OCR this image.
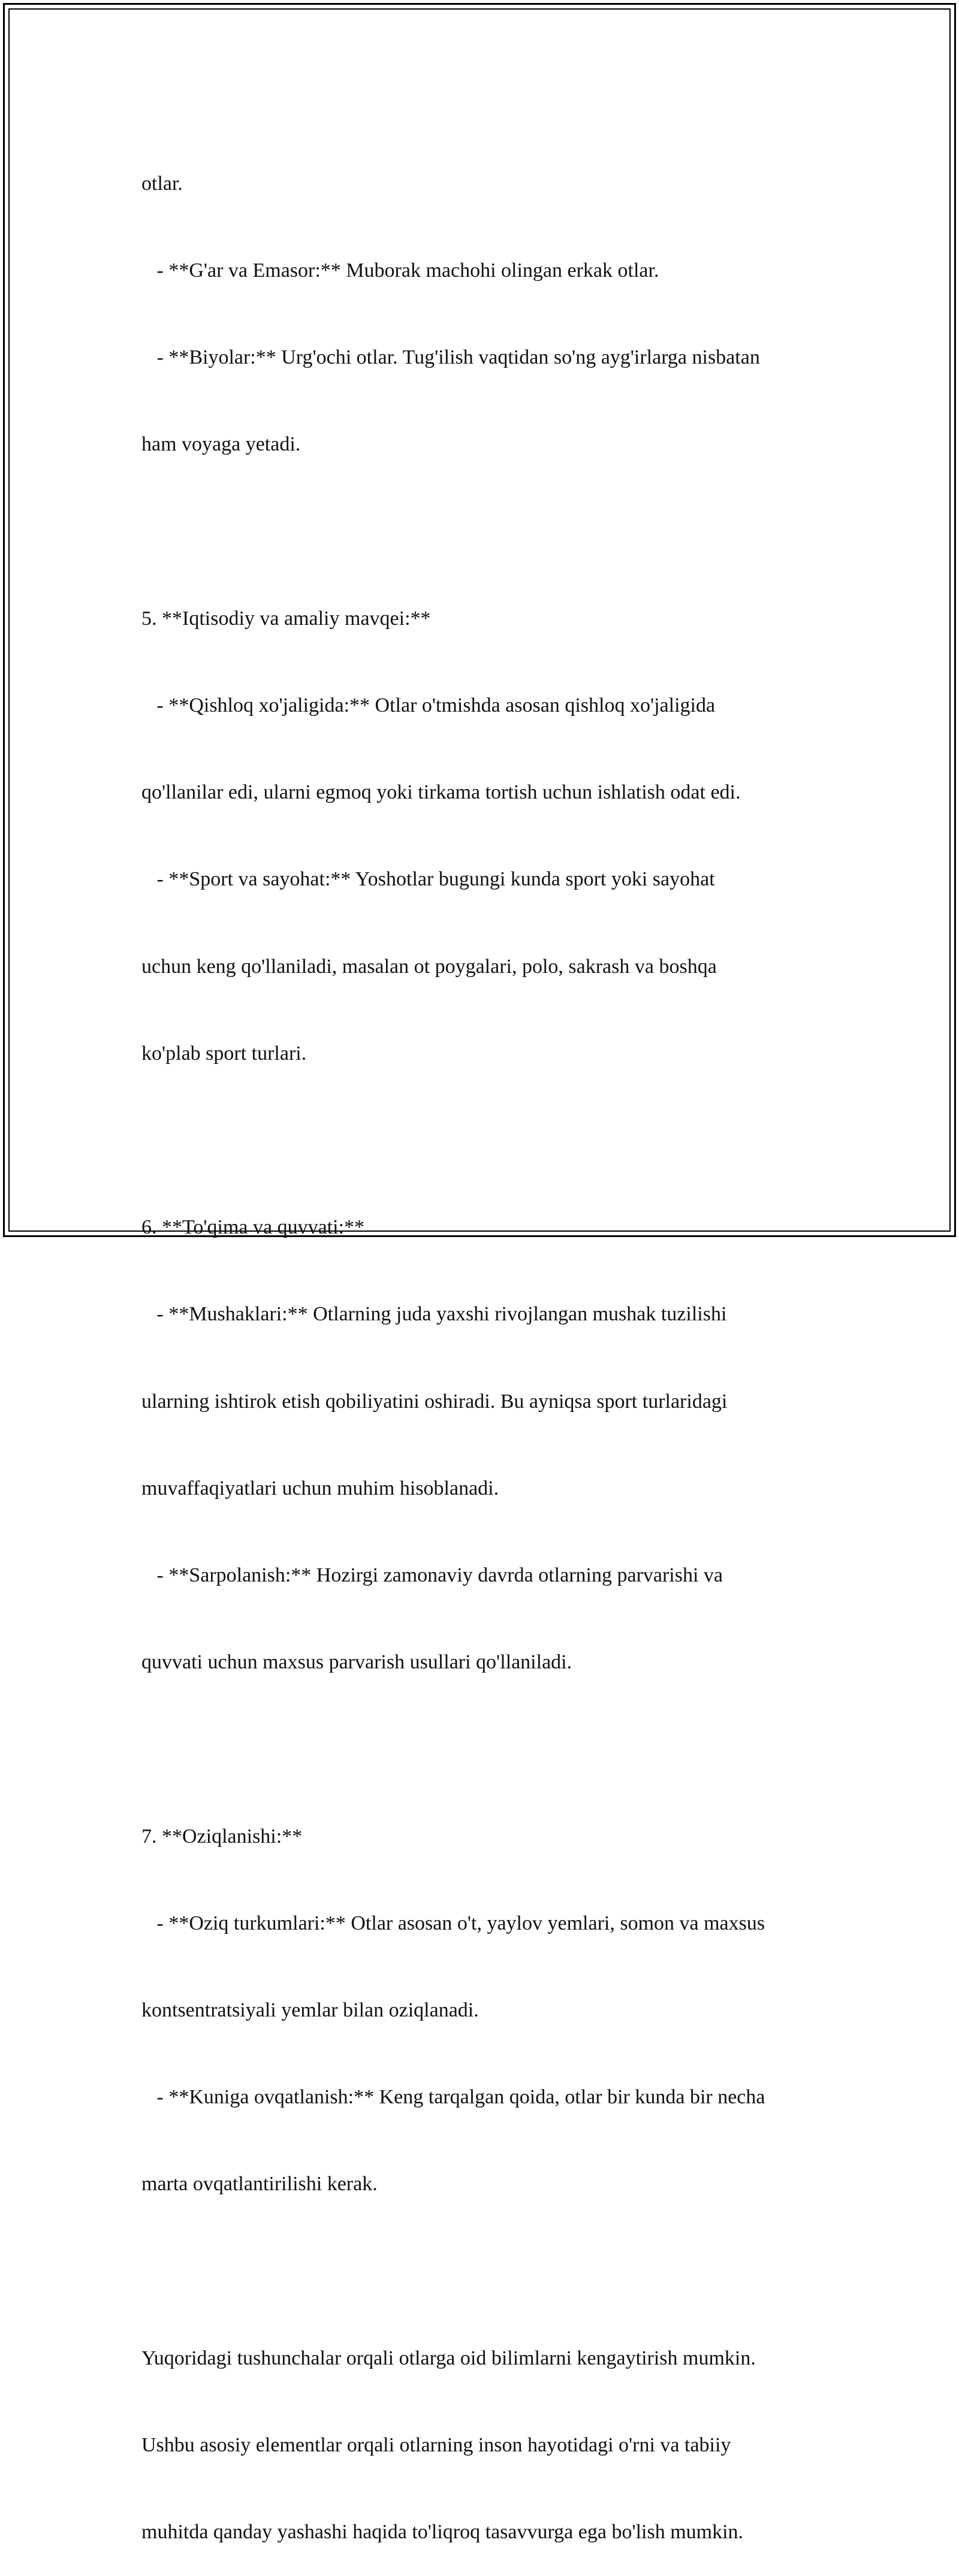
otlar.

- **G'ar va Emasor:** Muborak machohi olingan erkak otlar.

- **Biyolar:** Urg'ochi otlar. Tug'ilish vaqtidan so'ng ayg'irlarga nisbatan

ham voyaga yetadi.

5. **Iqtisodiy va amaliy mavqei:**

- **Qishloq xo'jaligida:** Otlar o'tmishda asosan qishloq xo'jaligida

qo'llanilar edi, ularni egmoq yoki tirkama tortish uchun ishlatish odat edi.

- **Sport va sayohat:** Yoshotlar bugungi kunda sport yoki sayohat

uchun keng qo'llaniladi, masalan ot poygalari, polo, sakrash va boshqa

ko'plab sport turlari.

6. **To'qima va quvvati:**

- **Mushaklari:** Otlarning juda yaxshi rivojlangan mushak tuzilishi

ularning ishtirok etish qobiliyatini oshiradi. Bu ayniqsa sport turlaridagi

muvaffaqiyatlari uchun muhim hisoblanadi.

- **Sarpolanish:** Hozirgi zamonaviy davrda otlarning parvarishi va

quvvati uchun maxsus parvarish usullari qo'llaniladi.

7. **Oziqlanishi:**

- **Oziq turkumlari:** Otlar asosan o't, yaylov yemlari, somon va maxsus

kontsentratsiyali yemlar bilan oziqlanadi.

- **Kuniga ovqatlanish:** Keng tarqalgan qoida, otlar bir kunda bir necha

marta ovqatlantirilishi kerak.

Yuqoridagi tushunchalar orqali otlarga oid bilimlarni kengaytirish mumkin.

Ushbu asosiy elementlar orqali otlarning inson hayotidagi o'rni va tabiiy

muhitda qanday yashashi haqida to'liqroq tasavvurga ega bo'lish mumkin.
